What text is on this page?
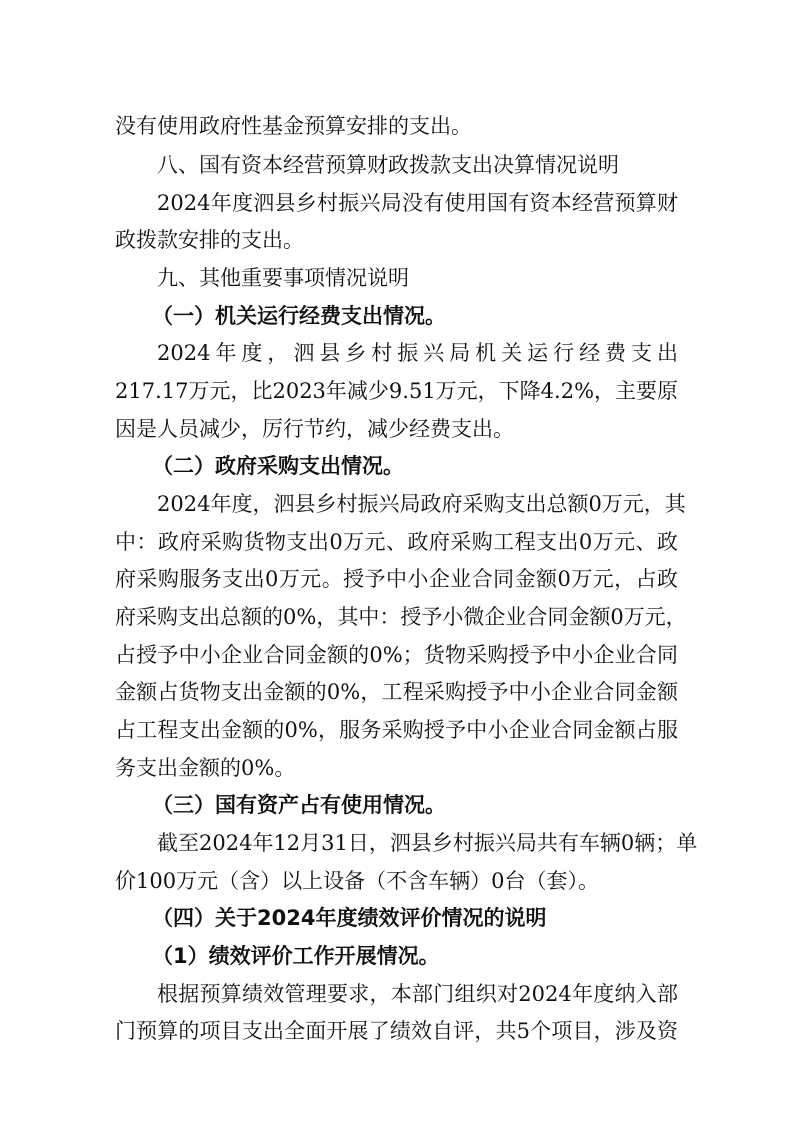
没有使用政府性基金预算安排的支出。
八、国有资本经营预算财政拨款支出决算情况说明
2024年度泗县乡村振兴局没有使用国有资本经营预算财
政拨款安排的支出。
九、其他重要事项情况说明
（一）机关运行经费支出情况。
2024年度，泗县乡村振兴局机关运行经费支出
217.17万元，比2023年减少9.51万元，下降4.2%，主要原
因是人员减少，厉行节约，减少经费支出。
（二）政府采购支出情况。
2024年度，泗县乡村振兴局政府采购支出总额0万元，其
中：政府采购货物支出0万元、政府采购工程支出0万元、政
府采购服务支出0万元。授予中小企业合同金额0万元，占政
府采购支出总额的0%，其中：授予小微企业合同金额0万元，
占授予中小企业合同金额的0%；货物采购授予中小企业合同
金额占货物支出金额的0%，工程采购授予中小企业合同金额
占工程支出金额的0%，服务采购授予中小企业合同金额占服
务支出金额的0%。
（三）国有资产占有使用情况。
截至2024年12月31日，泗县乡村振兴局共有车辆0辆；单
价100万元（含）以上设备（不含车辆）0台（套）。
（四）关于2024年度绩效评价情况的说明
（1）绩效评价工作开展情况。
根据预算绩效管理要求，本部门组织对2024年度纳入部
门预算的项目支出全面开展了绩效自评，共5个项目，涉及资
